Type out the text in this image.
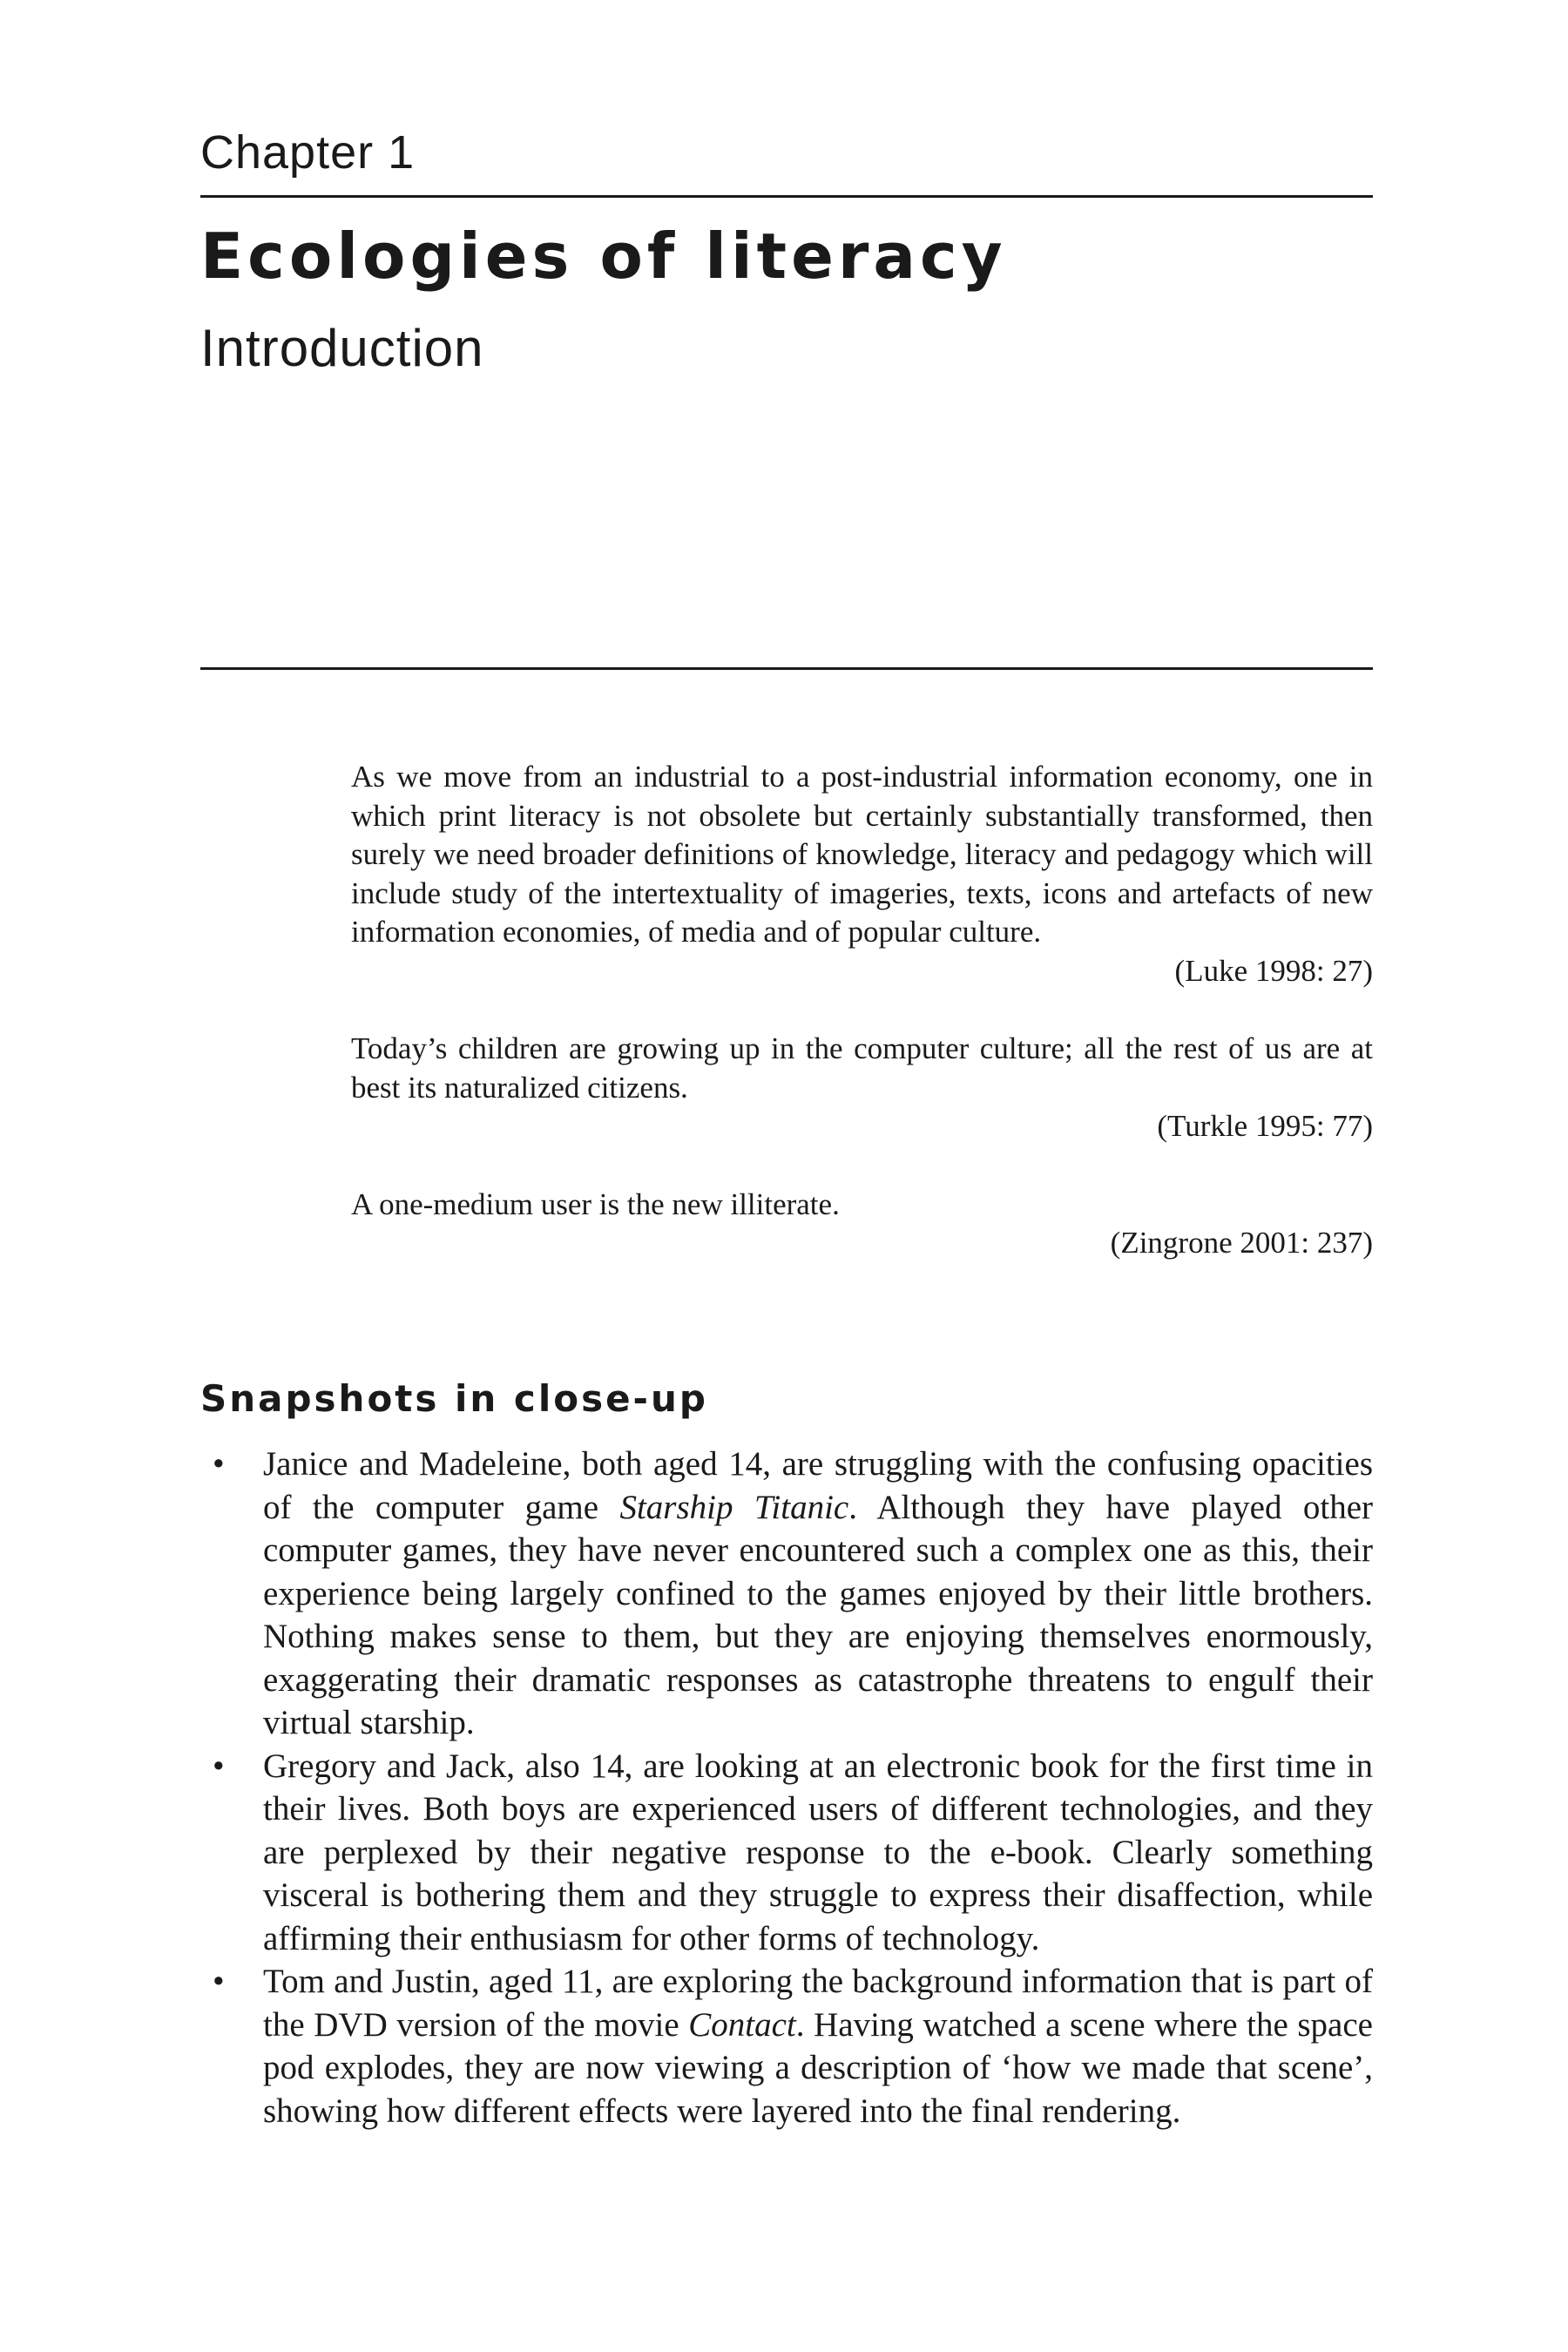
Chapter 1
Ecologies of literacy
Introduction

As we move from an industrial to a post-industrial information economy, one in which print literacy is not obsolete but certainly substantially transformed, then surely we need broader definitions of knowledge, literacy and pedagogy which will include study of the intertextuality of imageries, texts, icons and artefacts of new information economies, of media and of popular culture.

(Luke 1998: 27)

Today’s children are growing up in the computer culture; all the rest of us are at best its naturalized citizens.

(Turkle 1995: 77)

A one-medium user is the new illiterate.

(Zingrone 2001: 237)

Snapshots in close-up
• Janice and Madeleine, both aged 14, are struggling with the confusing opacities of the computer game Starship Titanic. Although they have played other computer games, they have never encountered such a complex one as this, their experience being largely confined to the games enjoyed by their little brothers. Nothing makes sense to them, but they are enjoying themselves enormously, exaggerating their dramatic responses as catastrophe threatens to engulf their virtual starship.
• Gregory and Jack, also 14, are looking at an electronic book for the first time in their lives. Both boys are experienced users of different technologies, and they are perplexed by their negative response to the e-book. Clearly something visceral is bothering them and they struggle to express their disaffection, while affirming their enthusiasm for other forms of technology.
• Tom and Justin, aged 11, are exploring the background information that is part of the DVD version of the movie Contact. Having watched a scene where the space pod explodes, they are now viewing a description of ‘how we made that scene’, showing how different effects were layered into the final rendering.
